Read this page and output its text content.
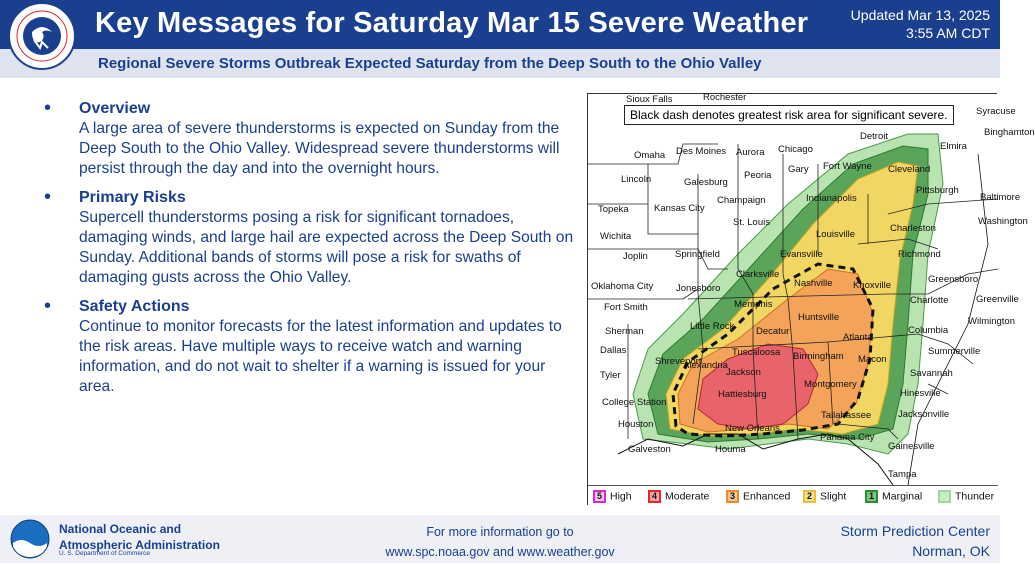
Key Messages for Saturday Mar 15 Severe Weather	Updated Mar 13, 2025
3:55 AM CDT
Regional Severe Storms Outbreak Expected Saturday from the Deep South to the Ohio Valley
• Overview
A large area of severe thunderstorms is expected on Sunday from the Deep South to the Ohio Valley. Widespread severe thunderstorms will persist through the day and into the overnight hours.
• Primary Risks
Supercell thunderstorms posing a risk for significant tornadoes, damaging winds, and large hail are expected across the Deep South on Sunday. Additional bands of storms will pose a risk for swaths of damaging gusts across the Ohio Valley.
• Safety Actions
Continue to monitor forecasts for the latest information and updates to the risk areas. Have multiple ways to receive watch and warning information, and do not wait to shelter if a warning is issued for your area.
Black dash denotes greatest risk area for significant severe.
Sioux Falls	Rochester
Syracuse
Detroit	Binghamton
Omaha Des Moines Aurora Chicago	Elmira
Lincoln	Galesburg
Peoria
Gary Fort Wayne Cleveland
Pittsburgh
Topeka	Kansas City
Champaign	Indianapolis	Baltimore
Wichita
St. Louis
Charleston
Washington
Joplin	Springfield
Louisville
Richmond
Evansville
Oklahoma City Jonesboro
Clarksville
Nashville Knoxville
Greensboro
Fort Smith	Memphis	Charlotte	Greenville
Little Rock
Huntsville	Wilmington
Sherman	Decatur
Atlanta
Columbia
Dallas
Alexandria
Tuscaloosa Birmingham Macon
Summerville
Shreveport
Jackson	Savannah
Tyler
Montgomery
Hattiesburg	Hinesville
College Station
Tallahassee	Jacksonville
Houston	New Orleans
Panama City
Gainesville
Galveston	Houma
Tampa
5 High	4 Moderate	3 Enhanced	2 Slight	1 Marginal	Thunder
National Oceanic and
Atmospheric Administration
U. S. Department of Commerce
For more information go to
www.spc.noaa.gov and www.weather.gov
Storm Prediction Center
Norman, OK
